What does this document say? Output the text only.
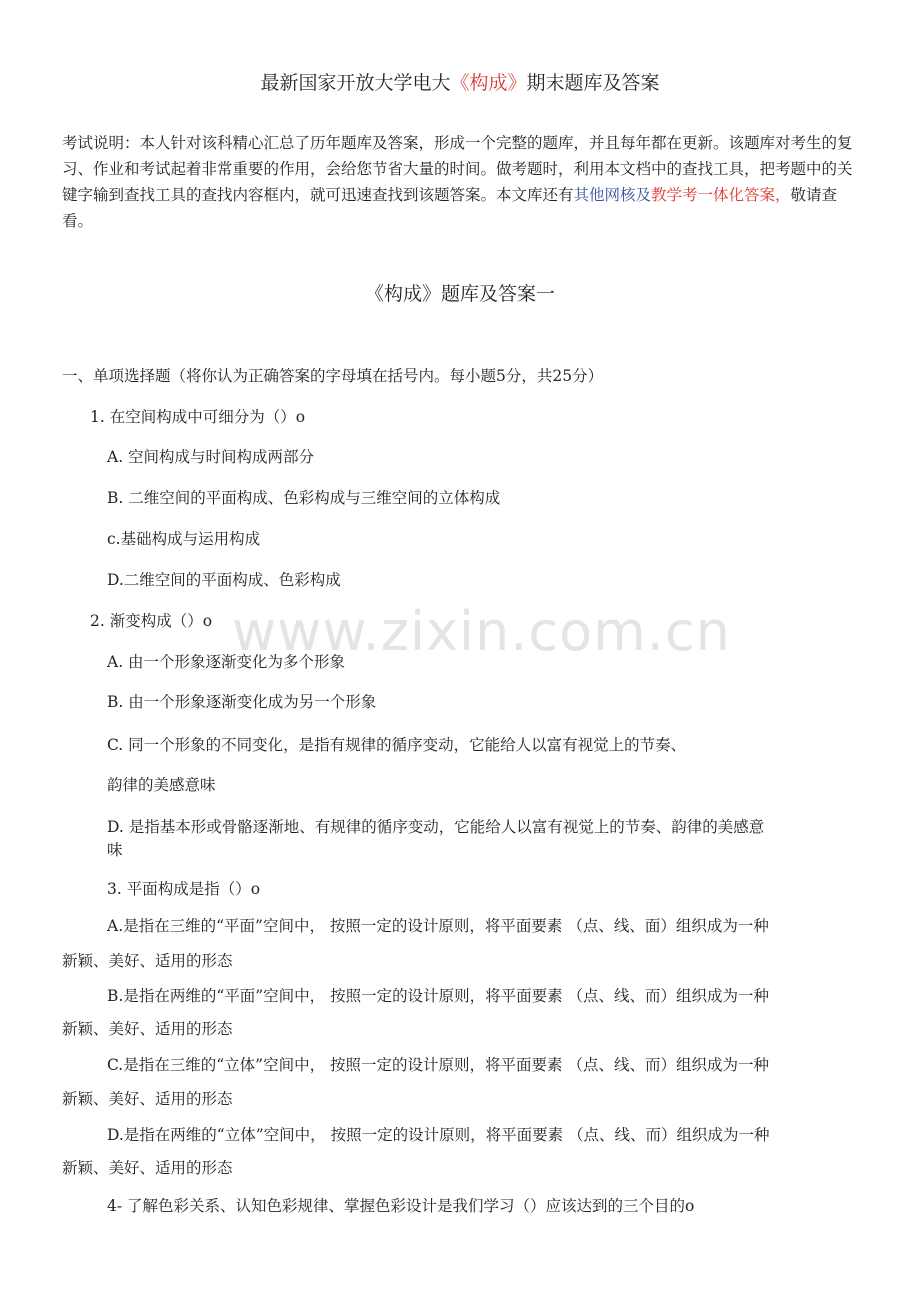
www.zixin.com.cn
最新国家开放大学电大《构成》期末题库及答案
考试说明：本人针对该科精心汇总了历年题库及答案，形成一个完整的题库，并且每年都在更新。该题库对考生的复习、作业和考试起着非常重要的作用，会给您节省大量的时间。做考题时，利用本文档中的查找工具，把考题中的关键字输到查找工具的查找内容框内，就可迅速查找到该题答案。本文库还有其他网核及教学考一体化答案，敬请查看。
《构成》题库及答案一
一、单项选择题（将你认为正确答案的字母填在括号内。每小题5分，共25分）
1. 在空间构成中可细分为（）o
A. 空间构成与时间构成两部分
B. 二维空间的平面构成、色彩构成与三维空间的立体构成
c.基础构成与运用构成
D.二维空间的平面构成、色彩构成
2. 渐变构成（）o
A. 由一个形象逐渐变化为多个形象
B. 由一个形象逐渐变化成为另一个形象
C. 同一个形象的不同变化，是指有规律的循序变动，它能给人以富有视觉上的节奏、
韵律的美感意味
D. 是指基本形或骨骼逐渐地、有规律的循序变动，它能给人以富有视觉上的节奏、韵律的美感意
味
3. 平面构成是指（）o
A.是指在三维的“平面”空间中， 按照一定的设计原则，将平面要素 （点、线、面）组织成为一种
新颖、美好、适用的形态
B.是指在两维的“平面”空间中， 按照一定的设计原则，将平面要素 （点、线、而）组织成为一种
新颖、美好、适用的形态
C.是指在三维的“立体”空间中， 按照一定的设计原则，将平面要素 （点、线、而）组织成为一种
新颖、美好、适用的形态
D.是指在两维的“立体”空间中， 按照一定的设计原则，将平面要素 （点、线、而）组织成为一种
新颖、美好、适用的形态
4- 了解色彩关系、认知色彩规律、掌握色彩设计是我们学习（）应该达到的三个目的o
